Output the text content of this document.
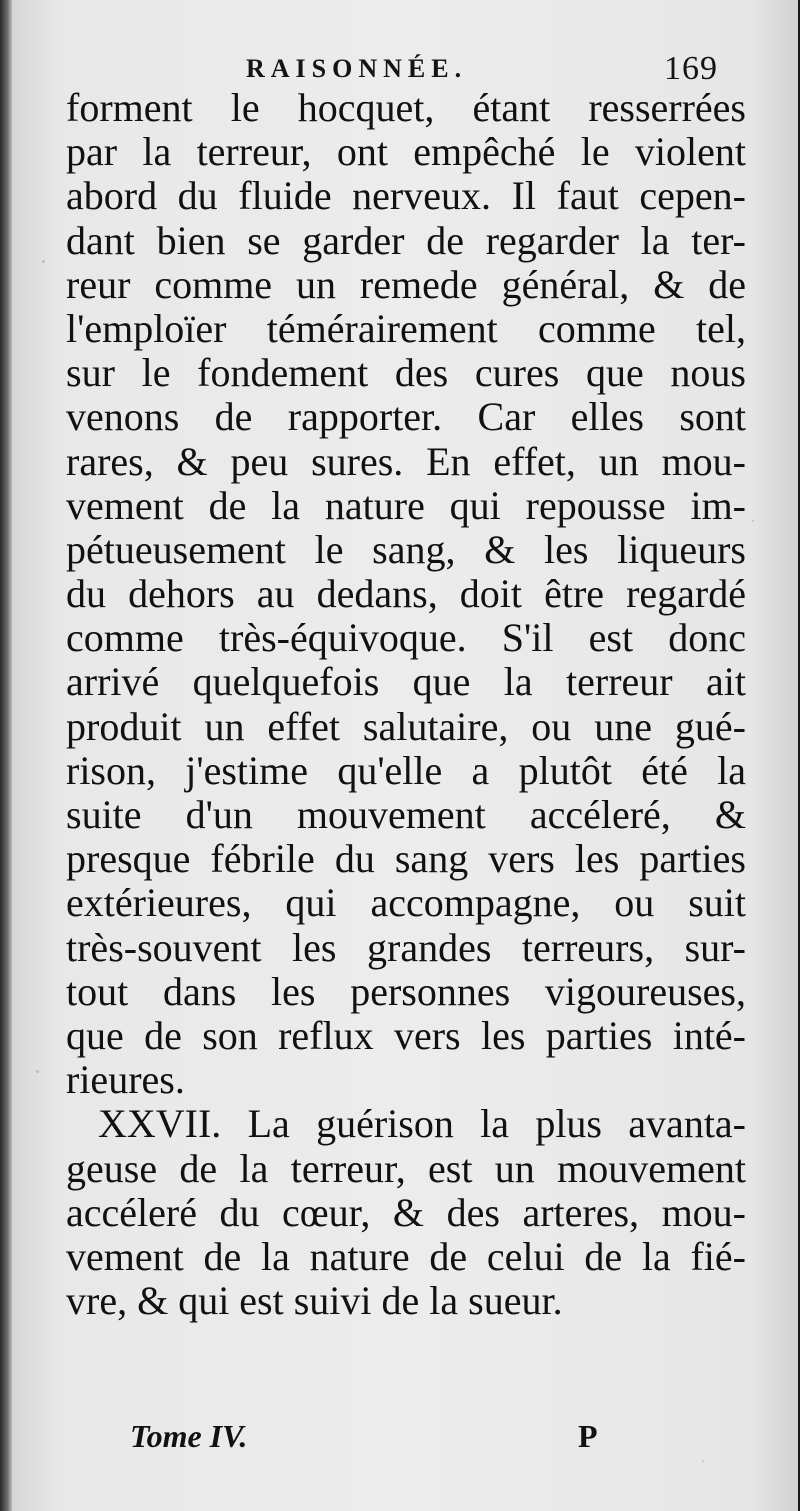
RAISONNÉE.	169
forment le hocquet, étant resserrées
par la terreur, ont empêché le violent
abord du fluide nerveux. Il faut cepen-
dant bien se garder de regarder la ter-
reur comme un remede général, & de
l'emploïer témérairement comme tel,
sur le fondement des cures que nous
venons de rapporter. Car elles sont
rares, & peu sures. En effet, un mou-
vement de la nature qui repousse im-
pétueusement le sang, & les liqueurs
du dehors au dedans, doit être regardé
comme très-équivoque. S'il est donc
arrivé quelquefois que la terreur ait
produit un effet salutaire, ou une gué-
rison, j'estime qu'elle a plutôt été la
suite d'un mouvement accéleré, &
presque fébrile du sang vers les parties
extérieures, qui accompagne, ou suit
très-souvent les grandes terreurs, sur-
tout dans les personnes vigoureuses,
que de son reflux vers les parties inté-
rieures.
XXVII. La guérison la plus avanta-
geuse de la terreur, est un mouvement
accéleré du cœur, & des arteres, mou-
vement de la nature de celui de la fié-
vre, & qui est suivi de la sueur.
Tome IV.	P
